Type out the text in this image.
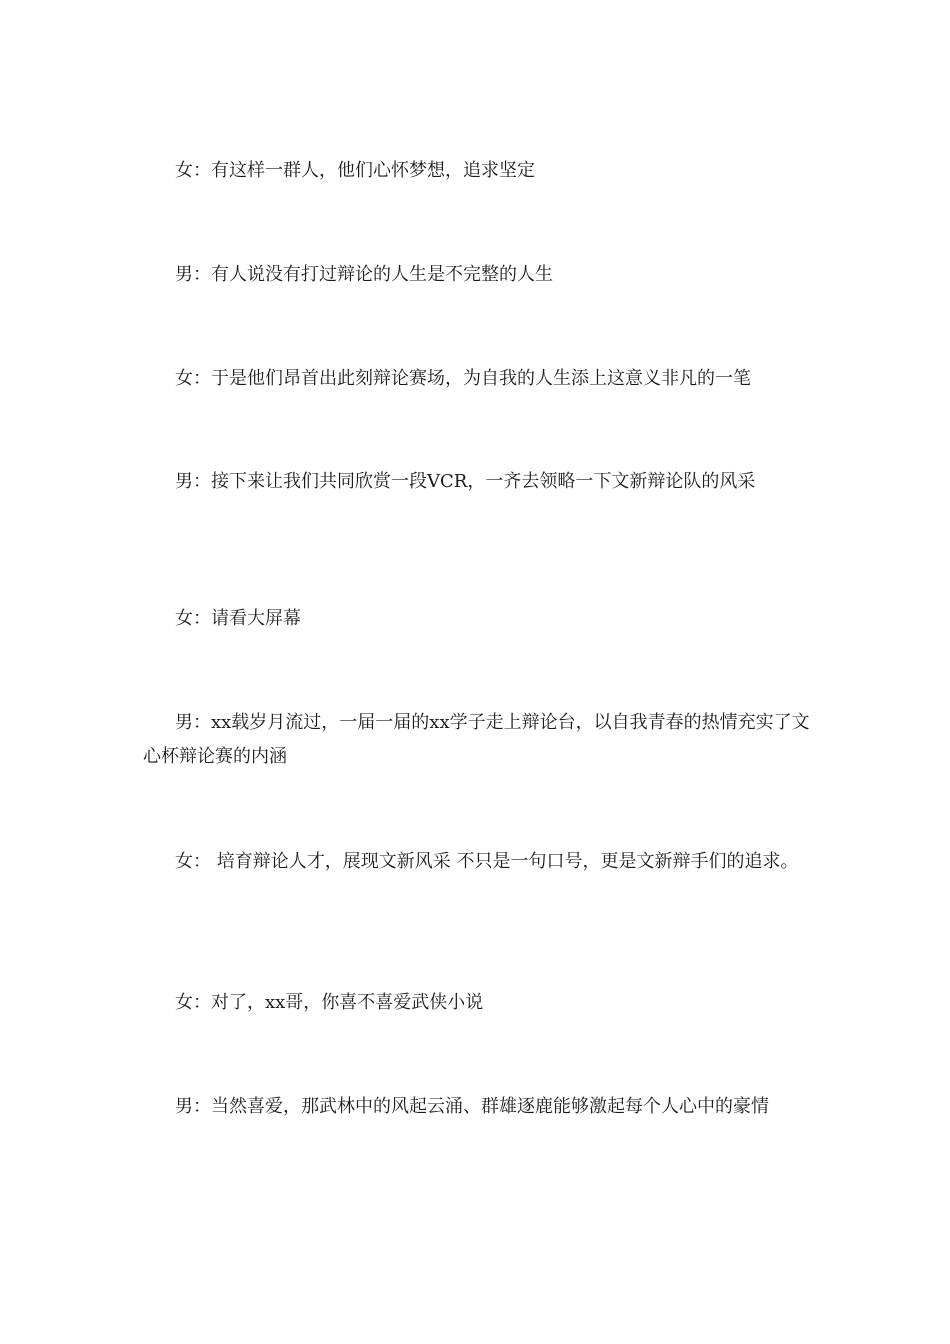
女：有这样一群人，他们心怀梦想，追求坚定

男：有人说没有打过辩论的人生是不完整的人生

女：于是他们昂首出此刻辩论赛场，为自我的人生添上这意义非凡的一笔

男：接下来让我们共同欣赏一段VCR，一齐去领略一下文新辩论队的风采

女：请看大屏幕

男：xx载岁月流过，一届一届的xx学子走上辩论台，以自我青春的热情充实了文心杯辩论赛的内涵

女： 培育辩论人才，展现文新风采 不只是一句口号，更是文新辩手们的追求。

女：对了，xx哥，你喜不喜爱武侠小说

男：当然喜爱，那武林中的风起云涌、群雄逐鹿能够激起每个人心中的豪情
